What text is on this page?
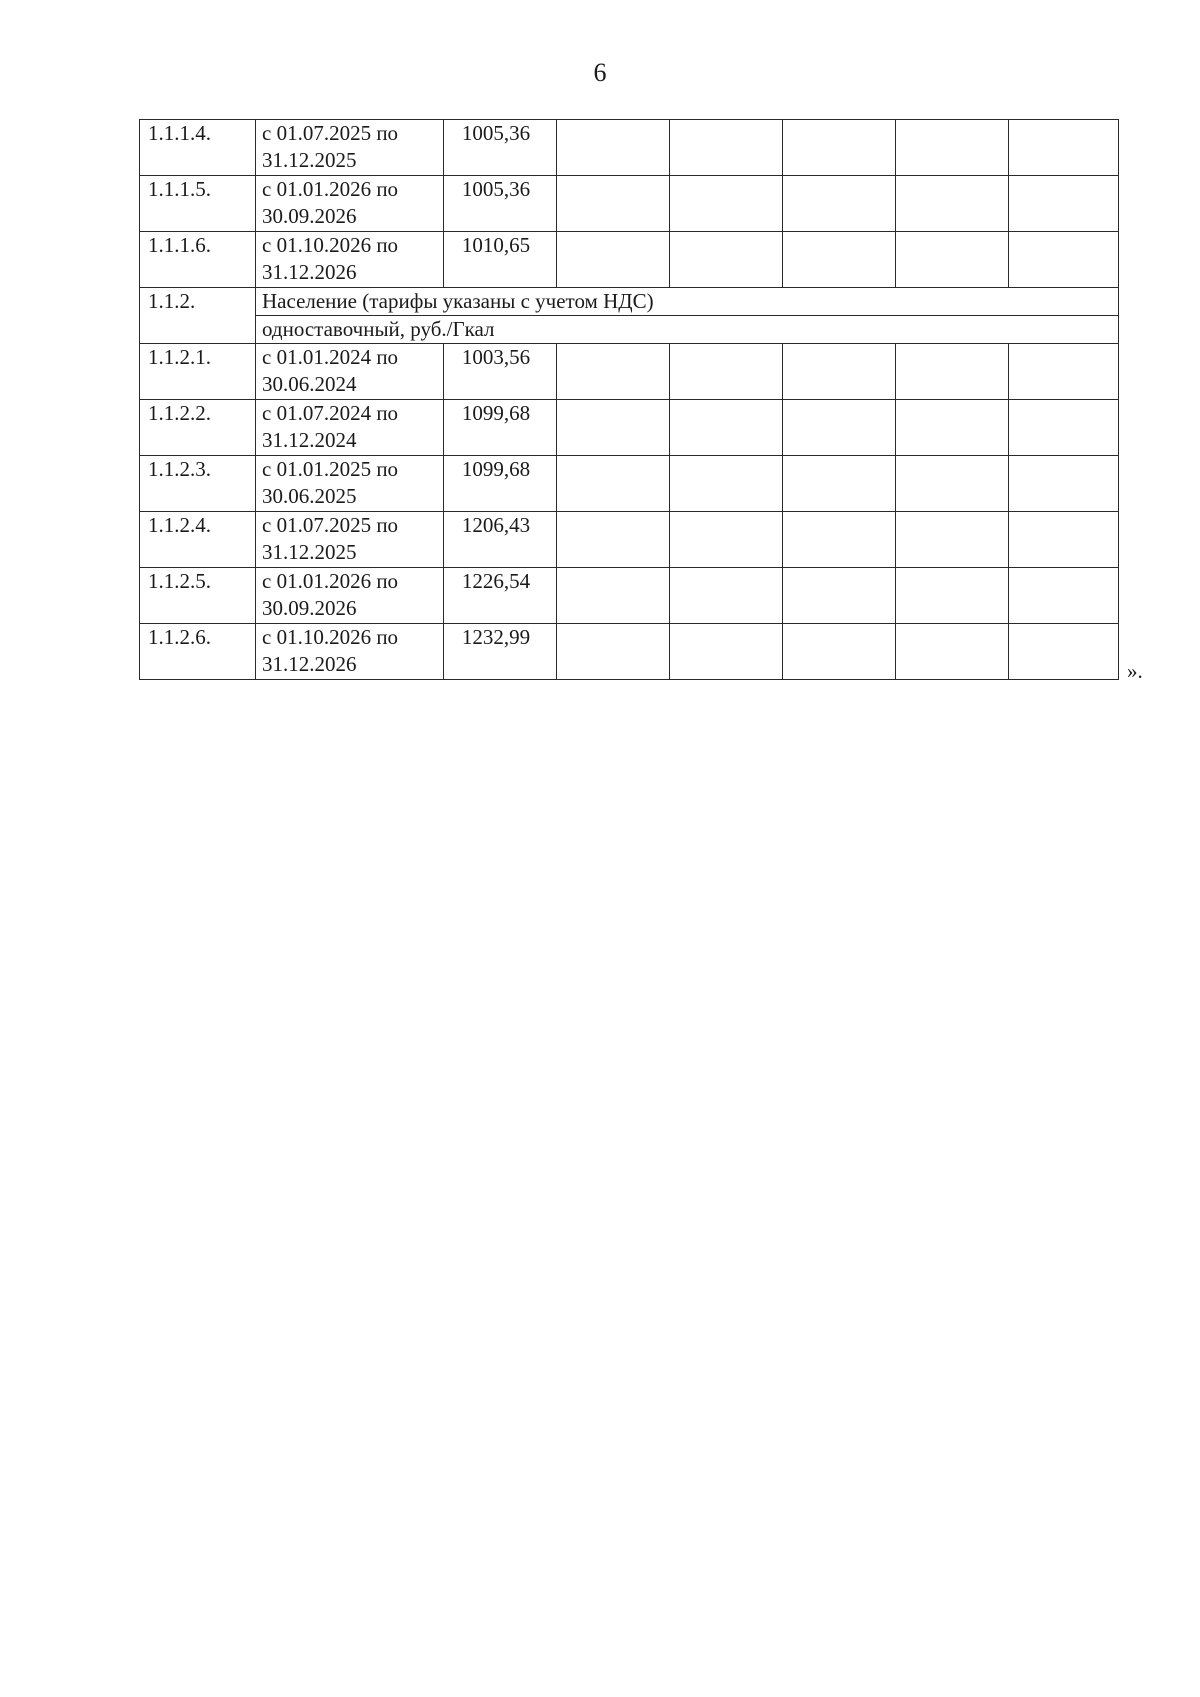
6
1.1.1.4.	с 01.07.2025 по
31.12.2025	1005,36					
1.1.1.5.	с 01.01.2026 по
30.09.2026	1005,36					
1.1.1.6.	с 01.10.2026 по
31.12.2026	1010,65					
1.1.2.	Население (тарифы указаны с учетом НДС)						
	одноставочный, руб./Гкал						
1.1.2.1.	с 01.01.2024 по
30.06.2024	1003,56					
1.1.2.2.	с 01.07.2024 по
31.12.2024	1099,68					
1.1.2.3.	с 01.01.2025 по
30.06.2025	1099,68					
1.1.2.4.	с 01.07.2025 по
31.12.2025	1206,43					
1.1.2.5.	с 01.01.2026 по
30.09.2026	1226,54					
1.1.2.6.	с 01.10.2026 по
31.12.2026	1232,99					
».
